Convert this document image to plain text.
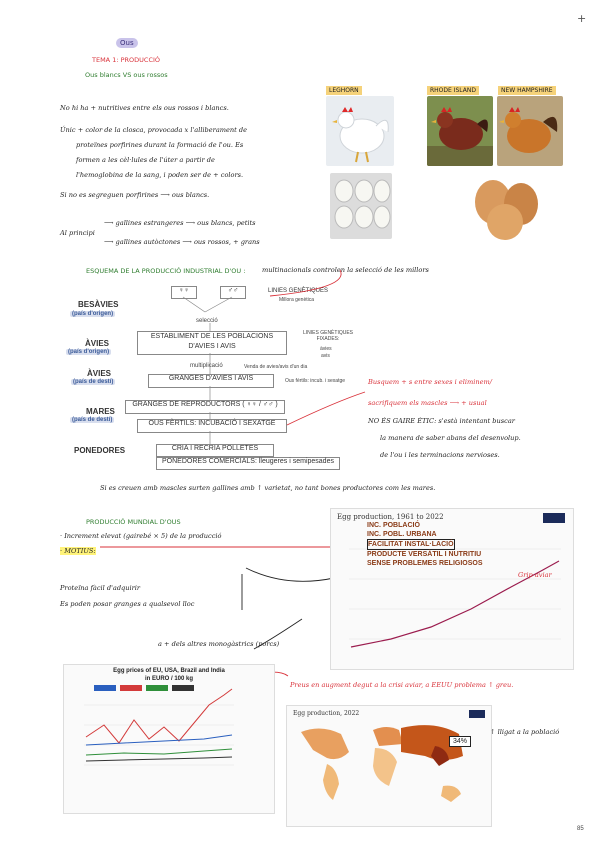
+
Ous
TEMA 1: PRODUCCIÓ
Ous blancs VS ous rossos
LEGHORN	RHODE ISLAND	NEW HAMPSHIRE
No hi ha + nutritives entre els ous rossos i blancs.
Únic + color de la closca, provocada x l'alliberament de
proteïnes porfirines durant la formació de l'ou. Es
formen a les cèl·lules de l'úter a partir de
l'hemoglobina de la sang, i poden ser de + colors.
Si no es segreguen porfirines ⟶ ous blancs.
Al principi
⟶ gallines estrangeres ⟶ ous blancs, petits
⟶ gallines autòctones ⟶ ous rossos, + grans
ESQUEMA DE LA PRODUCCIÓ INDUSTRIAL D'OU :	multinacionals controlen la selecció de les millors
♀♀	♂♂	LINIES GENÈTIQUES
Millora genètica
selecció
BESÀVIES
(país d'origen)
ÀVIES
(país d'origen)
ESTABLIMENT DE LES POBLACIONS D'AVIES I AVIS
LINIES GENÈTIQUES FIXADES:
àvies
avis
multiplicació	Venda de avies/avis d'un dia
ÀVIES
(país de destí)	GRANGES D'AVIES I AVIS	Ous fèrtils: incub. i sexatge
MARES
(país de destí)
GRANGES DE REPRODUCTORS ( ♀♀ / ♂♂ )
OUS FÈRTILS: INCUBACIÓ I SEXATGE
PONEDORES	CRIA I RECRIA POLLETES
PONEDORES COMERCIALS: lleugeres i semipesades
Busquem + s entre sexes i eliminem/
sacrifiquem els mascles ⟶ + usual
NO ÉS GAIRE ÈTIC: s'està intentant buscar
la manera de saber abans del desenvolup.
de l'ou i les terminacions nervioses.
Si es creuen amb mascles surten gallines amb ↑ varietat, no tant bones productores com les mares.
PRODUCCIÓ MUNDIAL D'OUS
· Increment elevat (gairebé × 5) de la producció
· MOTIUS:
Proteïna fàcil d'adquirir
Es poden posar granges a qualsevol lloc
a + dels altres monogàstrics (porcs)
Egg production, 1961 to 2022
INC. POBLACIÓ
INC. POBL. URBANA
FACILITAT INSTAL·LACIÓ
PRODUCTE VERSÀTIL I NUTRITIU
SENSE PROBLEMES RELIGIOSOS
Grip aviar
Egg prices of EU, USA, Brazil and India
in EURO / 100 kg
Preus en augment degut a la crisi aviar, a EEUU problema ↑ greu.
Egg production, 2022
34%
↑ lligat a la població
85
